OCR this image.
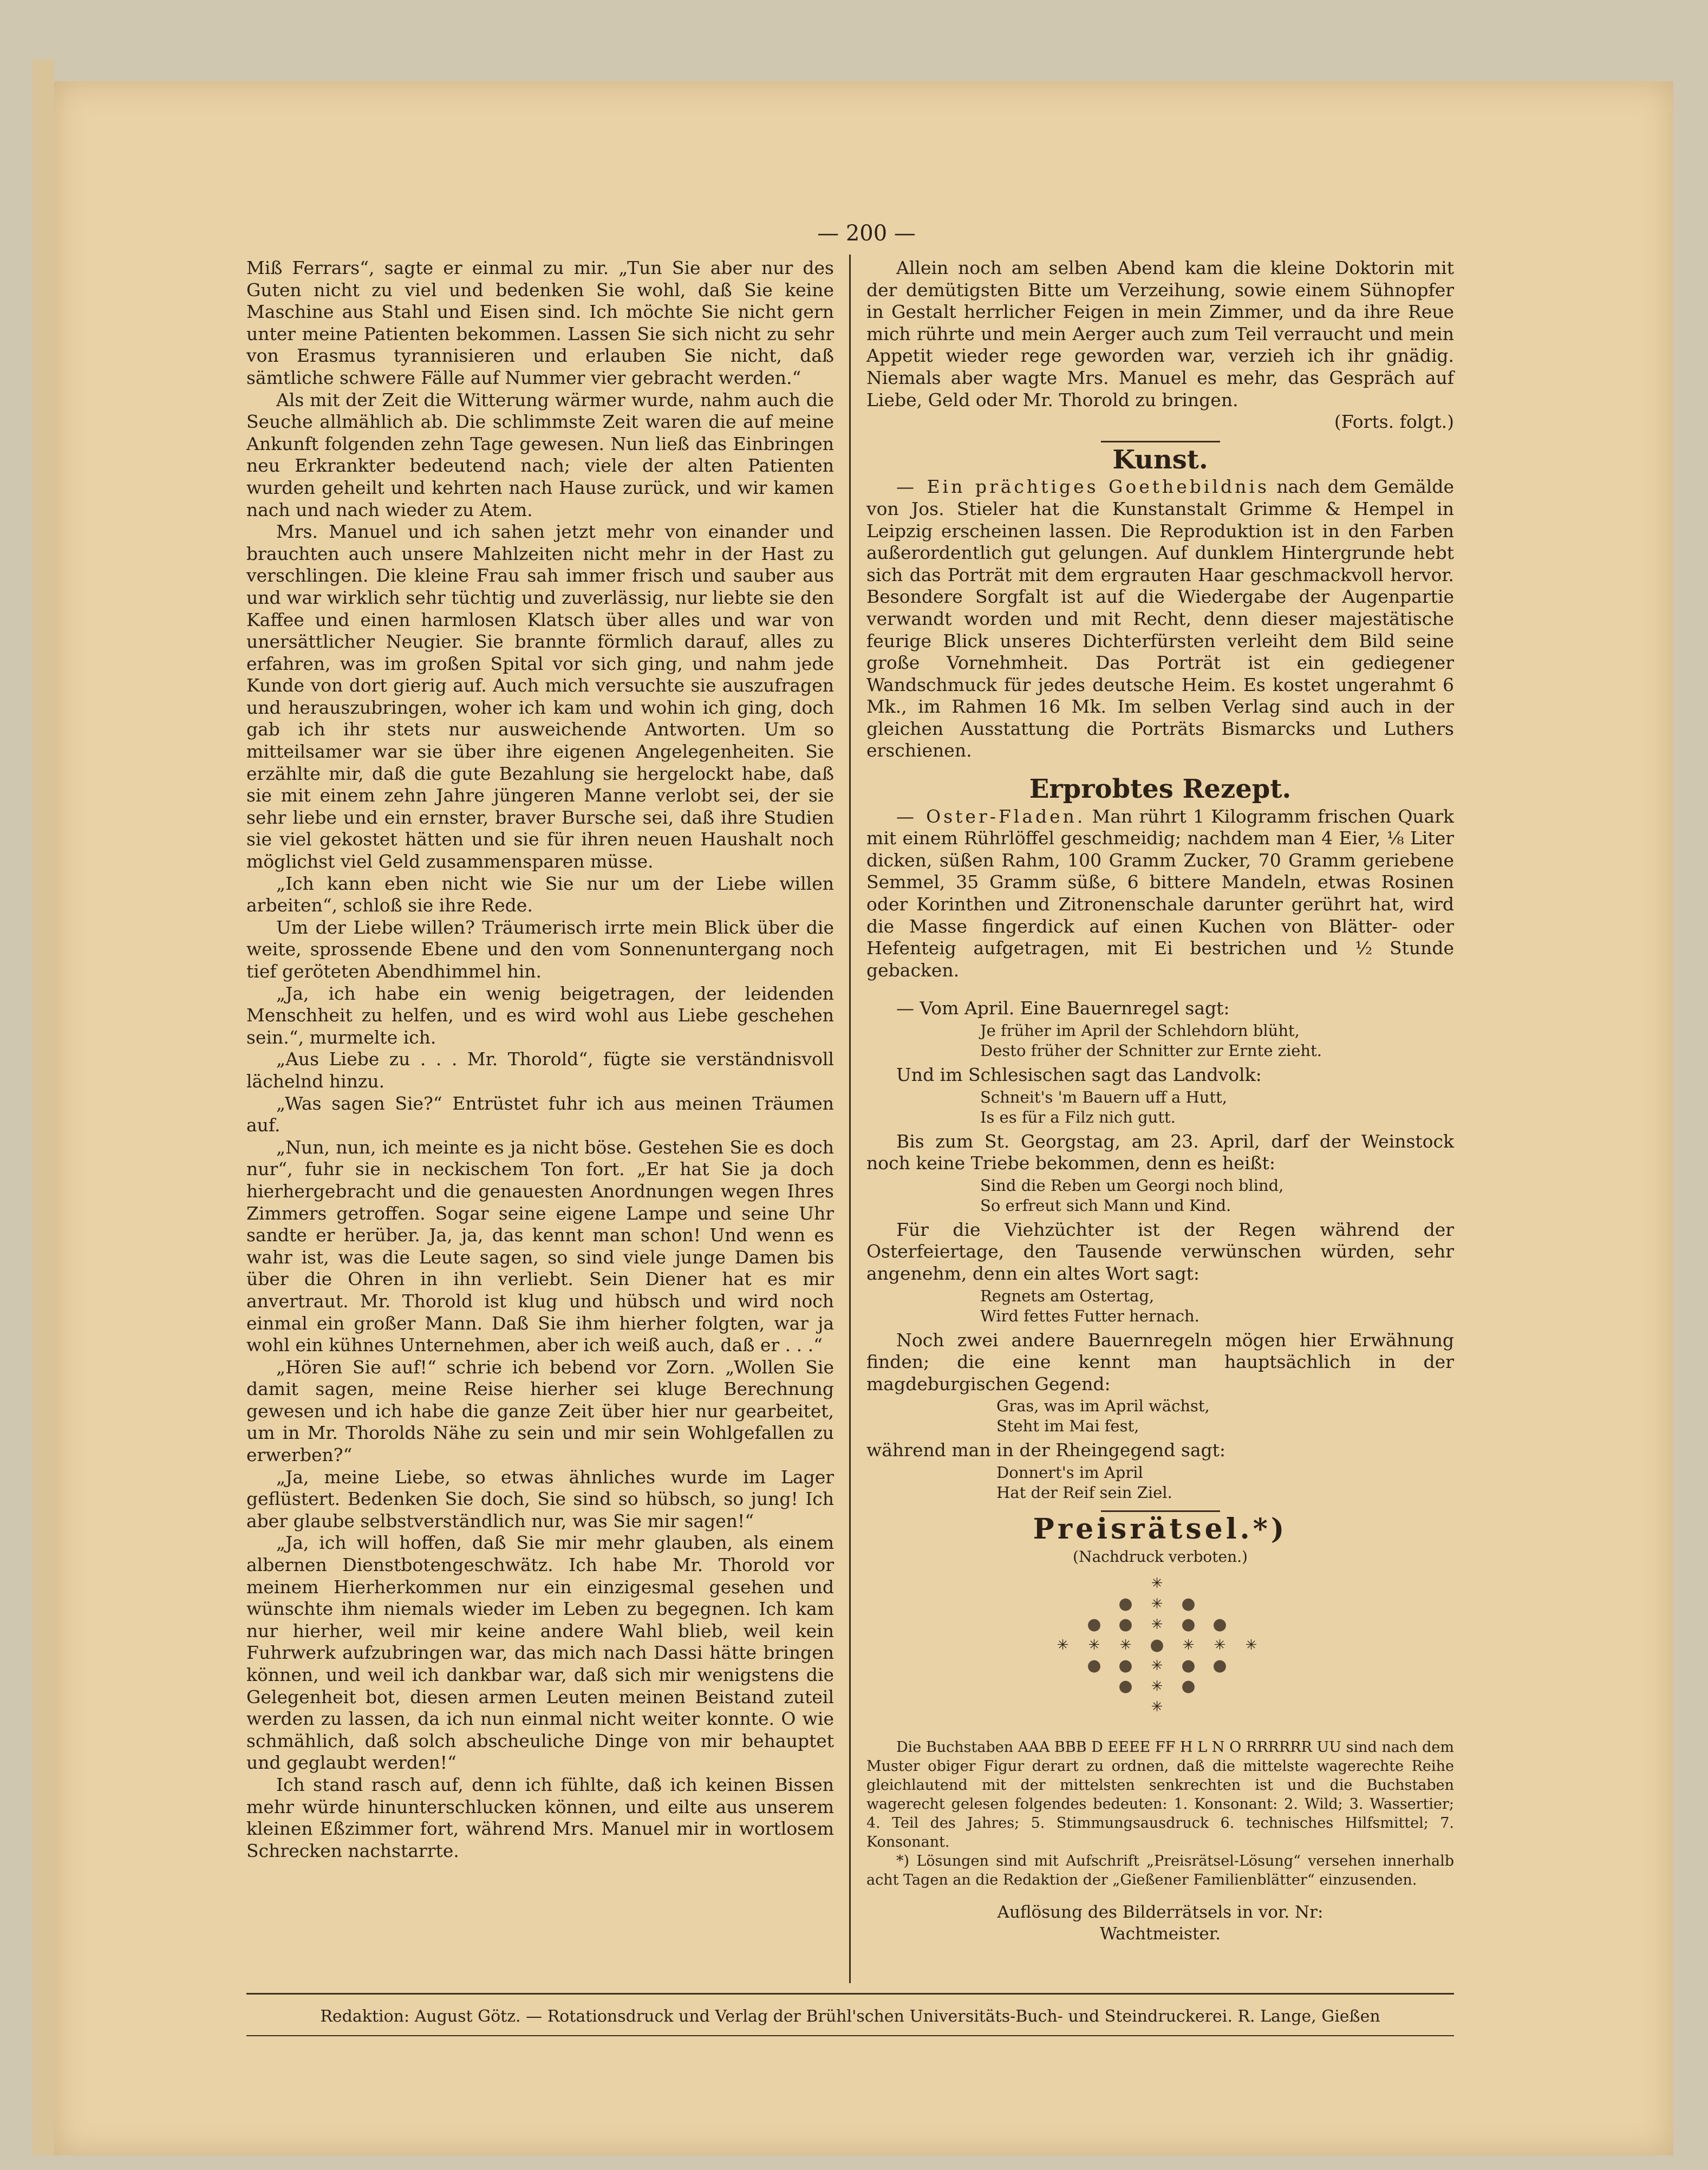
— 200 —

Miß Ferrars“, sagte er einmal zu mir. „Tun Sie aber nur des Guten nicht zu viel und bedenken Sie wohl, daß Sie keine Maschine aus Stahl und Eisen sind. Ich möchte Sie nicht gern unter meine Patienten bekommen. Lassen Sie sich nicht zu sehr von Erasmus tyrannisieren und erlauben Sie nicht, daß sämtliche schwere Fälle auf Nummer vier gebracht werden.“

Als mit der Zeit die Witterung wärmer wurde, nahm auch die Seuche allmählich ab. Die schlimmste Zeit waren die auf meine Ankunft folgenden zehn Tage gewesen. Nun ließ das Einbringen neu Erkrankter bedeutend nach; viele der alten Patienten wurden geheilt und kehrten nach Hause zurück, und wir kamen nach und nach wieder zu Atem.

Mrs. Manuel und ich sahen jetzt mehr von einander und brauchten auch unsere Mahlzeiten nicht mehr in der Hast zu verschlingen. Die kleine Frau sah immer frisch und sauber aus und war wirklich sehr tüchtig und zuverlässig, nur liebte sie den Kaffee und einen harmlosen Klatsch über alles und war von unersättlicher Neugier. Sie brannte förmlich darauf, alles zu erfahren, was im großen Spital vor sich ging, und nahm jede Kunde von dort gierig auf. Auch mich versuchte sie auszufragen und herauszubringen, woher ich kam und wohin ich ging, doch gab ich ihr stets nur ausweichende Antworten. Um so mitteilsamer war sie über ihre eigenen Angelegenheiten. Sie erzählte mir, daß die gute Bezahlung sie hergelockt habe, daß sie mit einem zehn Jahre jüngeren Manne verlobt sei, der sie sehr liebe und ein ernster, braver Bursche sei, daß ihre Studien sie viel gekostet hätten und sie für ihren neuen Haushalt noch möglichst viel Geld zusammensparen müsse.

„Ich kann eben nicht wie Sie nur um der Liebe willen arbeiten“, schloß sie ihre Rede.

Um der Liebe willen? Träumerisch irrte mein Blick über die weite, sprossende Ebene und den vom Sonnenuntergang noch tief geröteten Abendhimmel hin.

„Ja, ich habe ein wenig beigetragen, der leidenden Menschheit zu helfen, und es wird wohl aus Liebe geschehen sein.“, murmelte ich.

„Aus Liebe zu . . . Mr. Thorold“, fügte sie verständnisvoll lächelnd hinzu.

„Was sagen Sie?“ Entrüstet fuhr ich aus meinen Träumen auf.

„Nun, nun, ich meinte es ja nicht böse. Gestehen Sie es doch nur“, fuhr sie in neckischem Ton fort. „Er hat Sie ja doch hierhergebracht und die genauesten Anordnungen wegen Ihres Zimmers getroffen. Sogar seine eigene Lampe und seine Uhr sandte er herüber. Ja, ja, das kennt man schon! Und wenn es wahr ist, was die Leute sagen, so sind viele junge Damen bis über die Ohren in ihn verliebt. Sein Diener hat es mir anvertraut. Mr. Thorold ist klug und hübsch und wird noch einmal ein großer Mann. Daß Sie ihm hierher folgten, war ja wohl ein kühnes Unternehmen, aber ich weiß auch, daß er . . .“

„Hören Sie auf!“ schrie ich bebend vor Zorn. „Wollen Sie damit sagen, meine Reise hierher sei kluge Berechnung gewesen und ich habe die ganze Zeit über hier nur gearbeitet, um in Mr. Thorolds Nähe zu sein und mir sein Wohlgefallen zu erwerben?“

„Ja, meine Liebe, so etwas ähnliches wurde im Lager geflüstert. Bedenken Sie doch, Sie sind so hübsch, so jung! Ich aber glaube selbstverständlich nur, was Sie mir sagen!“

„Ja, ich will hoffen, daß Sie mir mehr glauben, als einem albernen Dienstbotengeschwätz. Ich habe Mr. Thorold vor meinem Hierherkommen nur ein einzigesmal gesehen und wünschte ihm niemals wieder im Leben zu begegnen. Ich kam nur hierher, weil mir keine andere Wahl blieb, weil kein Fuhrwerk aufzubringen war, das mich nach Dassi hätte bringen können, und weil ich dankbar war, daß sich mir wenigstens die Gelegenheit bot, diesen armen Leuten meinen Beistand zuteil werden zu lassen, da ich nun einmal nicht weiter konnte. O wie schmählich, daß solch abscheuliche Dinge von mir behauptet und geglaubt werden!“

Ich stand rasch auf, denn ich fühlte, daß ich keinen Bissen mehr würde hinunterschlucken können, und eilte aus unserem kleinen Eßzimmer fort, während Mrs. Manuel mir in wortlosem Schrecken nachstarrte.

Allein noch am selben Abend kam die kleine Doktorin mit der demütigsten Bitte um Verzeihung, sowie einem Sühnopfer in Gestalt herrlicher Feigen in mein Zimmer, und da ihre Reue mich rührte und mein Aerger auch zum Teil verraucht und mein Appetit wieder rege geworden war, verzieh ich ihr gnädig. Niemals aber wagte Mrs. Manuel es mehr, das Gespräch auf Liebe, Geld oder Mr. Thorold zu bringen.

(Forts. folgt.)

Kunst.

— Ein prächtiges Goethebildnis nach dem Gemälde von Jos. Stieler hat die Kunstanstalt Grimme & Hempel in Leipzig erscheinen lassen. Die Reproduktion ist in den Farben außerordentlich gut gelungen. Auf dunklem Hintergrunde hebt sich das Porträt mit dem ergrauten Haar geschmackvoll hervor. Besondere Sorgfalt ist auf die Wiedergabe der Augenpartie verwandt worden und mit Recht, denn dieser majestätische feurige Blick unseres Dichterfürsten verleiht dem Bild seine große Vornehmheit. Das Porträt ist ein gediegener Wandschmuck für jedes deutsche Heim. Es kostet ungerahmt 6 Mk., im Rahmen 16 Mk. Im selben Verlag sind auch in der gleichen Ausstattung die Porträts Bismarcks und Luthers erschienen.

Erprobtes Rezept.

— Oster-Fladen. Man rührt 1 Kilogramm frischen Quark mit einem Rührlöffel geschmeidig; nachdem man 4 Eier, ⅛ Liter dicken, süßen Rahm, 100 Gramm Zucker, 70 Gramm geriebene Semmel, 35 Gramm süße, 6 bittere Mandeln, etwas Rosinen oder Korinthen und Zitronenschale darunter gerührt hat, wird die Masse fingerdick auf einen Kuchen von Blätter- oder Hefenteig aufgetragen, mit Ei bestrichen und ½ Stunde gebacken.

— Vom April. Eine Bauernregel sagt:

Je früher im April der Schlehdorn blüht,
Desto früher der Schnitter zur Ernte zieht.

Und im Schlesischen sagt das Landvolk:

Schneit's 'm Bauern uff a Hutt,
Is es für a Filz nich gutt.

Bis zum St. Georgstag, am 23. April, darf der Weinstock noch keine Triebe bekommen, denn es heißt:

Sind die Reben um Georgi noch blind,
So erfreut sich Mann und Kind.

Für die Viehzüchter ist der Regen während der Osterfeiertage, den Tausende verwünschen würden, sehr angenehm, denn ein altes Wort sagt:

Regnets am Ostertag,
Wird fettes Futter hernach.

Noch zwei andere Bauernregeln mögen hier Erwähnung finden; die eine kennt man hauptsächlich in der magdeburgischen Gegend:

Gras, was im April wächst,
Steht im Mai fest,

während man in der Rheingegend sagt:

Donnert's im April
Hat der Reif sein Ziel.
Preisrätsel.*)
(Nachdruck verboten.)
✳
● ✳ ●
● ● ✳ ● ●
✳ ✳ ✳ ● ✳ ✳ ✳
● ● ✳ ● ●
● ✳ ●
✳

Die Buchstaben AAA BBB D EEEE FF H L N O RRRRRR UU sind nach dem Muster obiger Figur derart zu ordnen, daß die mittelste wagerechte Reihe gleichlautend mit der mittelsten senkrechten ist und die Buchstaben wagerecht gelesen folgendes bedeuten: 1. Konsonant: 2. Wild; 3. Wassertier; 4. Teil des Jahres; 5. Stimmungsausdruck 6. technisches Hilfsmittel; 7. Konsonant.

*) Lösungen sind mit Aufschrift „Preisrätsel-Lösung“ versehen innerhalb acht Tagen an die Redaktion der „Gießener Familienblätter“ einzusenden.

Auflösung des Bilderrätsels in vor. Nr:
Wachtmeister.
Redaktion: August Götz. — Rotationsdruck und Verlag der Brühl'schen Universitäts-Buch- und Steindruckerei. R. Lange, Gießen
